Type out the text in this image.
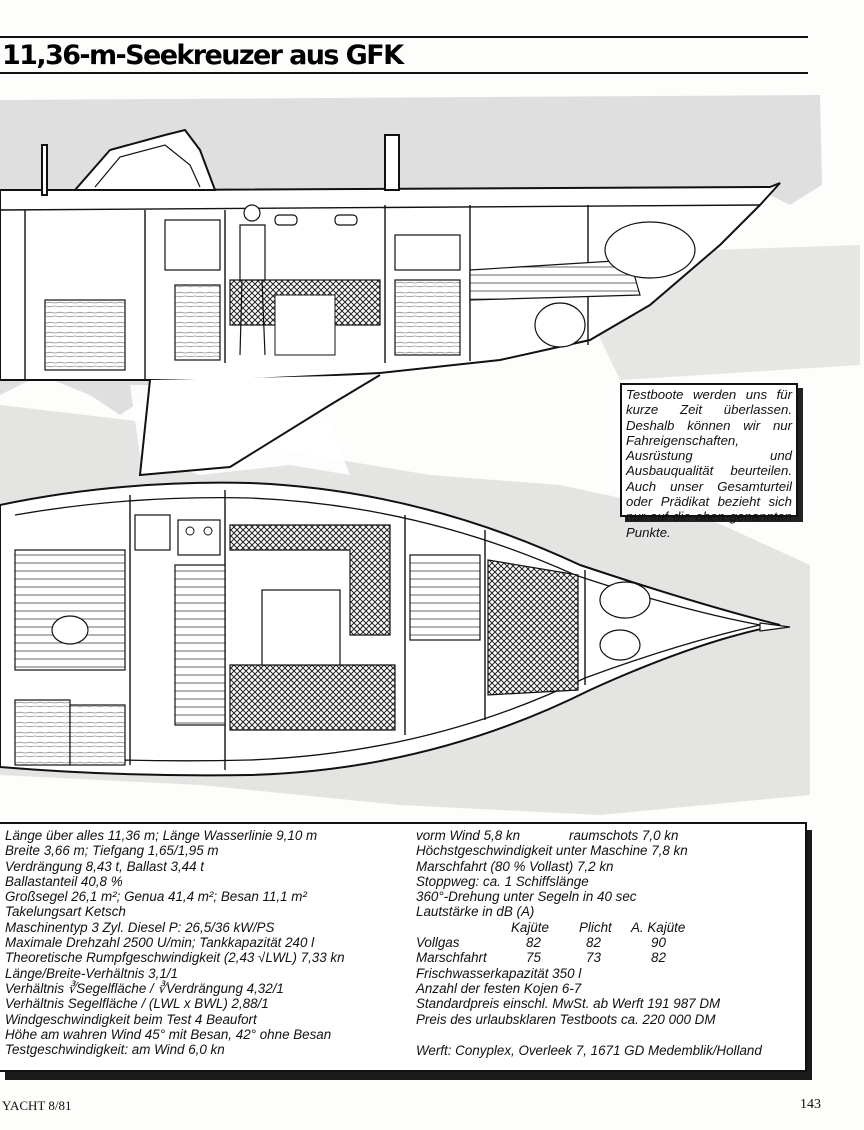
11,36-m-Seekreuzer aus GFK
Testboote werden uns für kurze Zeit überlassen. Deshalb können wir nur Fahreigenschaften, Ausrüstung und Ausbauqualität beurteilen. Auch unser Gesamturteil oder Prädikat bezieht sich nur auf die oben genannten Punkte.
Länge über alles 11,36 m; Länge Wasserlinie 9,10 m
Breite 3,66 m; Tiefgang 1,65/1,95 m
Verdrängung 8,43 t, Ballast 3,44 t
Ballastanteil 40,8 %
Großsegel 26,1 m²; Genua 41,4 m²; Besan 11,1 m²
Takelungsart Ketsch
Maschinentyp 3 Zyl. Diesel P: 26,5/36 kW/PS
Maximale Drehzahl 2500 U/min; Tankkapazität 240 l
Theoretische Rumpfgeschwindigkeit (2,43 √LWL) 7,33 kn
Länge/Breite-Verhältnis 3,1/1
Verhältnis ∛Segelfläche / ∛Verdrängung 4,32/1
Verhältnis Segelfläche / (LWL x BWL) 2,88/1
Windgeschwindigkeit beim Test 4 Beaufort
Höhe am wahren Wind 45° mit Besan, 42° ohne Besan
Testgeschwindigkeit: am Wind 6,0 kn
vorm Wind 5,8 kn	raumschots 7,0 kn
Höchstgeschwindigkeit unter Maschine 7,8 kn
Marschfahrt (80 % Vollast) 7,2 kn
Stoppweg: ca. 1 Schiffslänge
360°-Drehung unter Segeln in 40 sec
Lautstärke in dB (A)
Kajüte	Plicht	A. Kajüte
Vollgas	82	82	90
Marschfahrt	75	73	82
Frischwasserkapazität 350 l
Anzahl der festen Kojen 6-7
Standardpreis einschl. MwSt. ab Werft 191 987 DM
Preis des urlaubsklaren Testboots ca. 220 000 DM
Werft: Conyplex, Overleek 7, 1671 GD Medemblik/Holland
YACHT 8/81	143
